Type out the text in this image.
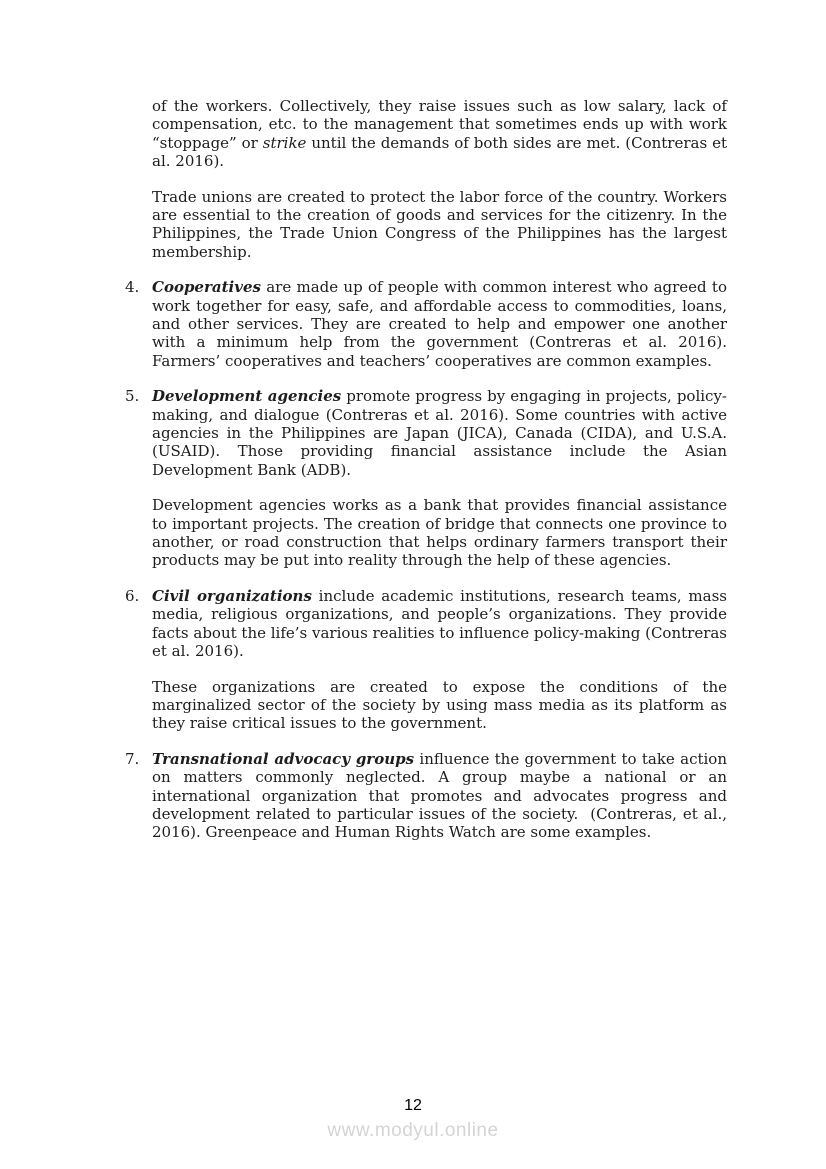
of the workers. Collectively, they raise issues such as low salary, lack of compensation, etc. to the management that sometimes ends up with work “stoppage” or strike until the demands of both sides are met. (Contreras et al. 2016).
Trade unions are created to protect the labor force of the country. Workers are essential to the creation of goods and services for the citizenry. In the Philippines, the Trade Union Congress of the Philippines has the largest membership.
4. Cooperatives are made up of people with common interest who agreed to work together for easy, safe, and affordable access to commodities, loans, and other services. They are created to help and empower one another with a minimum help from the government (Contreras et al. 2016). Farmers’ cooperatives and teachers’ cooperatives are common examples.
5. Development agencies promote progress by engaging in projects, policy-making, and dialogue (Contreras et al. 2016). Some countries with active agencies in the Philippines are Japan (JICA), Canada (CIDA), and U.S.A. (USAID). Those providing financial assistance include the Asian Development Bank (ADB).
Development agencies works as a bank that provides financial assistance to important projects. The creation of bridge that connects one province to another, or road construction that helps ordinary farmers transport their products may be put into reality through the help of these agencies.
6. Civil organizations include academic institutions, research teams, mass media, religious organizations, and people’s organizations. They provide facts about the life’s various realities to influence policy-making (Contreras et al. 2016).
These organizations are created to expose the conditions of the marginalized sector of the society by using mass media as its platform as they raise critical issues to the government.
7. Transnational advocacy groups influence the government to take action on matters commonly neglected. A group maybe a national or an international organization that promotes and advocates progress and development related to particular issues of the society.  (Contreras, et al., 2016). Greenpeace and Human Rights Watch are some examples.
12
www.modyul.online
